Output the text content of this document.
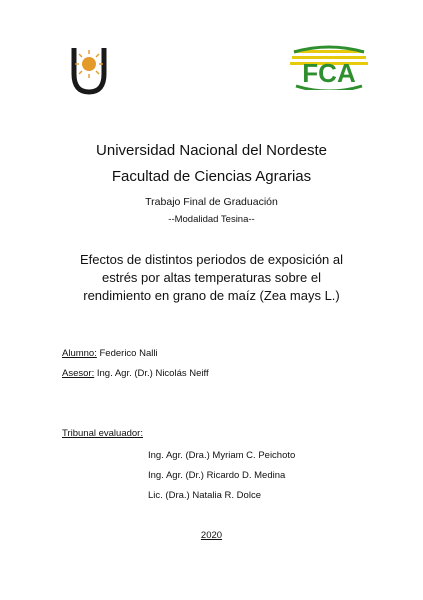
FCA
Universidad Nacional del Nordeste
Facultad de Ciencias Agrarias
Trabajo Final de Graduación
--Modalidad Tesina--
Efectos de distintos periodos de exposición al
estrés por altas temperaturas sobre el
rendimiento en grano de maíz (Zea mays L.)
Alumno: Federico Nalli
Asesor: Ing. Agr. (Dr.) Nicolás Neiff
Tribunal evaluador:
Ing. Agr. (Dra.) Myriam C. Peichoto
Ing. Agr. (Dr.) Ricardo D. Medina
Lic. (Dra.) Natalia R. Dolce
2020
